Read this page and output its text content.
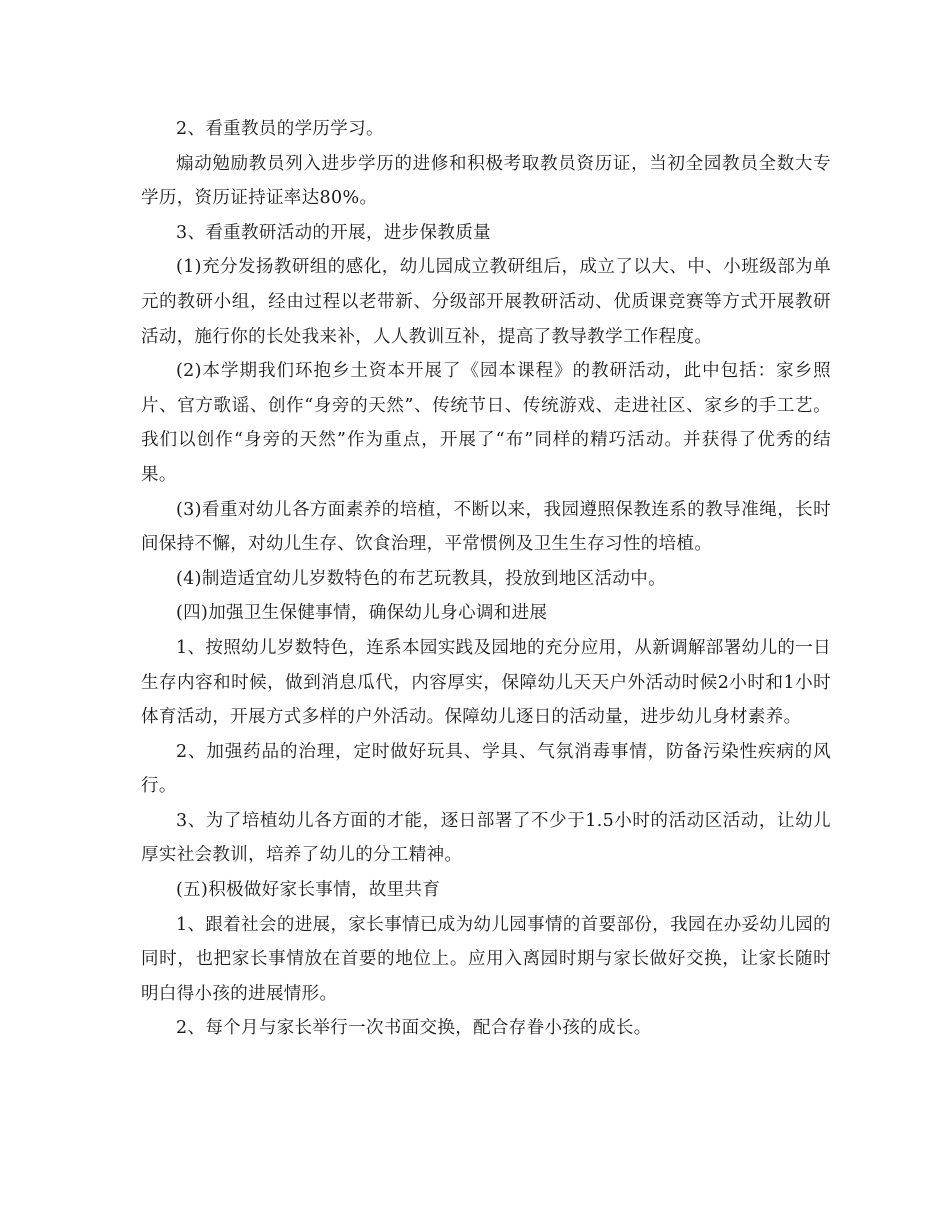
2、看重教员的学历学习。

煽动勉励教员列入进步学历的进修和积极考取教员资历证，当初全园教员全数大专学历，资历证持证率达80%。

3、看重教研活动的开展，进步保教质量

(1)充分发扬教研组的感化，幼儿园成立教研组后，成立了以大、中、小班级部为单元的教研小组，经由过程以老带新、分级部开展教研活动、优质课竞赛等方式开展教研活动，施行你的长处我来补，人人教训互补，提高了教导教学工作程度。

(2)本学期我们环抱乡土资本开展了《园本课程》的教研活动，此中包括：家乡照片、官方歌谣、创作“身旁的天然”、传统节日、传统游戏、走进社区、家乡的手工艺。我们以创作“身旁的天然”作为重点，开展了“布”同样的精巧活动。并获得了优秀的结果。

(3)看重对幼儿各方面素养的培植，不断以来，我园遵照保教连系的教导准绳，长时间保持不懈，对幼儿生存、饮食治理，平常惯例及卫生生存习性的培植。

(4)制造适宜幼儿岁数特色的布艺玩教具，投放到地区活动中。

(四)加强卫生保健事情，确保幼儿身心调和进展

1、按照幼儿岁数特色，连系本园实践及园地的充分应用，从新调解部署幼儿的一日生存内容和时候，做到消息瓜代，内容厚实，保障幼儿天天户外活动时候2小时和1小时体育活动，开展方式多样的户外活动。保障幼儿逐日的活动量，进步幼儿身材素养。

2、加强药品的治理，定时做好玩具、学具、气氛消毒事情，防备污染性疾病的风行。

3、为了培植幼儿各方面的才能，逐日部署了不少于1.5小时的活动区活动，让幼儿厚实社会教训，培养了幼儿的分工精神。

(五)积极做好家长事情，故里共育

1、跟着社会的进展，家长事情已成为幼儿园事情的首要部份，我园在办妥幼儿园的同时，也把家长事情放在首要的地位上。应用入离园时期与家长做好交换，让家长随时明白得小孩的进展情形。

2、每个月与家长举行一次书面交换，配合存眷小孩的成长。
